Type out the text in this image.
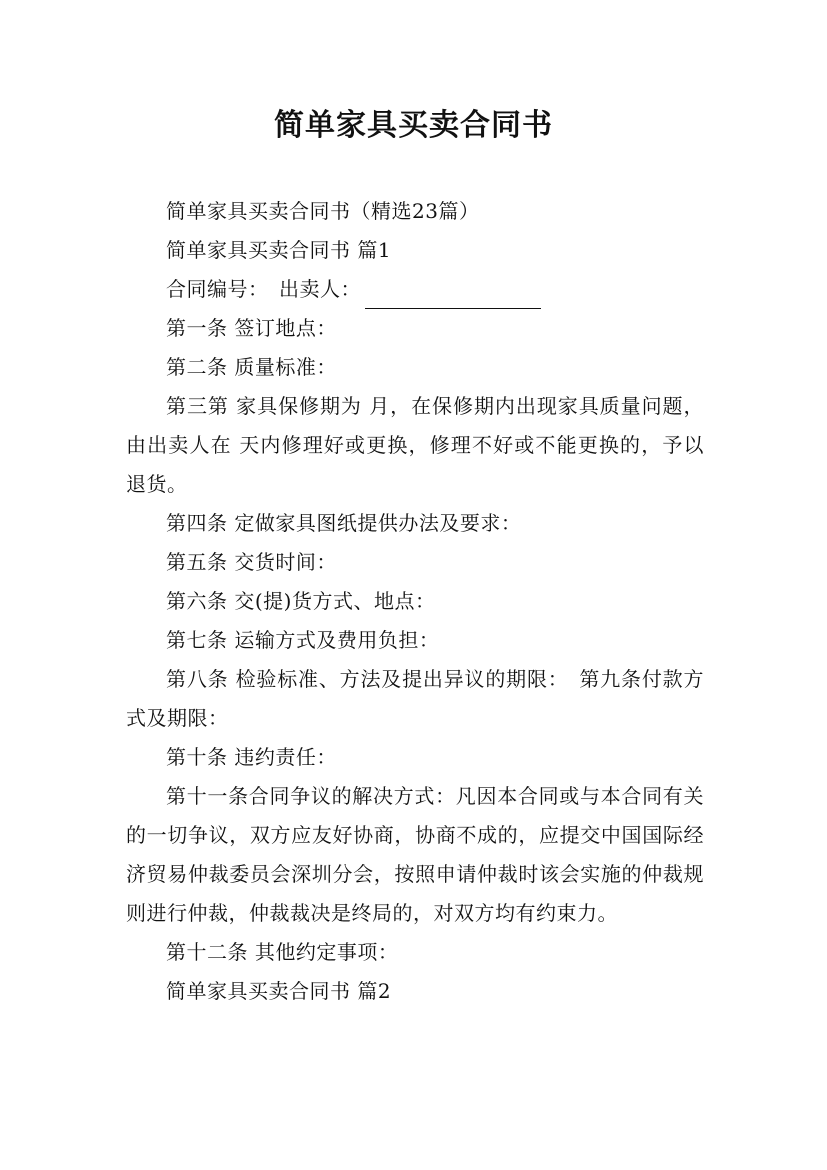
简单家具买卖合同书

简单家具买卖合同书（精选23篇）

简单家具买卖合同书 篇1

合同编号：　出卖人：

第一条 签订地点：

第二条 质量标准：

第三第 家具保修期为 月，在保修期内出现家具质量问题，由出卖人在 天内修理好或更换，修理不好或不能更换的，予以退货。

第四条 定做家具图纸提供办法及要求：

第五条 交货时间：

第六条 交(提)货方式、地点：

第七条 运输方式及费用负担：

第八条 检验标准、方法及提出异议的期限：　第九条付款方式及期限：

第十条 违约责任：

第十一条合同争议的解决方式：凡因本合同或与本合同有关的一切争议，双方应友好协商，协商不成的，应提交中国国际经济贸易仲裁委员会深圳分会，按照申请仲裁时该会实施的仲裁规则进行仲裁，仲裁裁决是终局的，对双方均有约束力。

第十二条 其他约定事项：

简单家具买卖合同书 篇2
